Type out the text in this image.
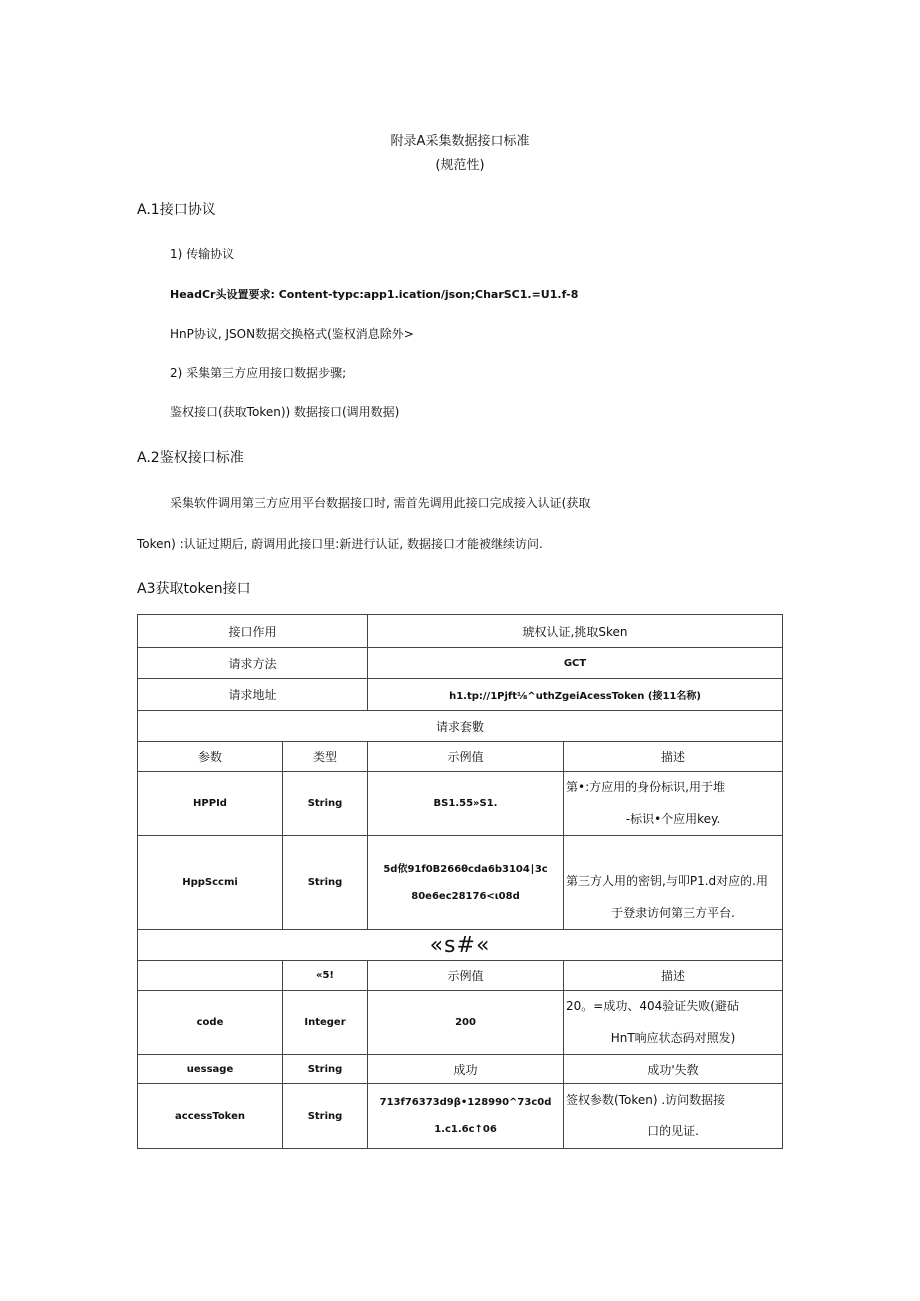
附录A采集数据接口标准
(规范性)
A.1接口协议
1) 传输协议
HeadCr头设置要求: Content-typc:app1.ication/json;CharSC1.=U1.f-8
HnP协议, JSON数据交换格式(鉴权消息除外>
2) 采集第三方应用接口数据步骤;
鉴权接口(获取Token)) 数据接口(调用数据)
A.2鉴权接口标准
采集软件调用第三方应用平台数据接口时, 需首先调用此接口完成接入认证(获取
Token) :认证过期后, 蔚调用此接口里:新进行认证, 数据接口才能被继续访问.
A3获取token接口
接口作用		琥权认证,挑取Sken	
请求方法		GCT	
请求地址		h1.tp://1Pjft⅛^uthZgeiAcessToken (接11名称)	
请求套數			
参数	类型	示例值	描述
HPPId	String	BS1.55»S1.	第•:方应用的身份标识,用于堆
-标识•个应用key.

HppSccmi	String	5d依91f0B266θcda6b3104∣3c
80e6ec28176<ι08d	第三方人用的密钥,与叩P1.d对应的.用
于登隶访何第三方平台.

«s#«			
	«5!	示例值	描述
code	Integer	200	20。=成功、404验证失败(避砧
HnT响应状态码对照发)

uessage	String	成功	成功'失敎
accessToken	String	713f76373d9β•128990^73c0d
1.c1.6c↑06	签权参数(Token) .访问数据接
口的见证.
